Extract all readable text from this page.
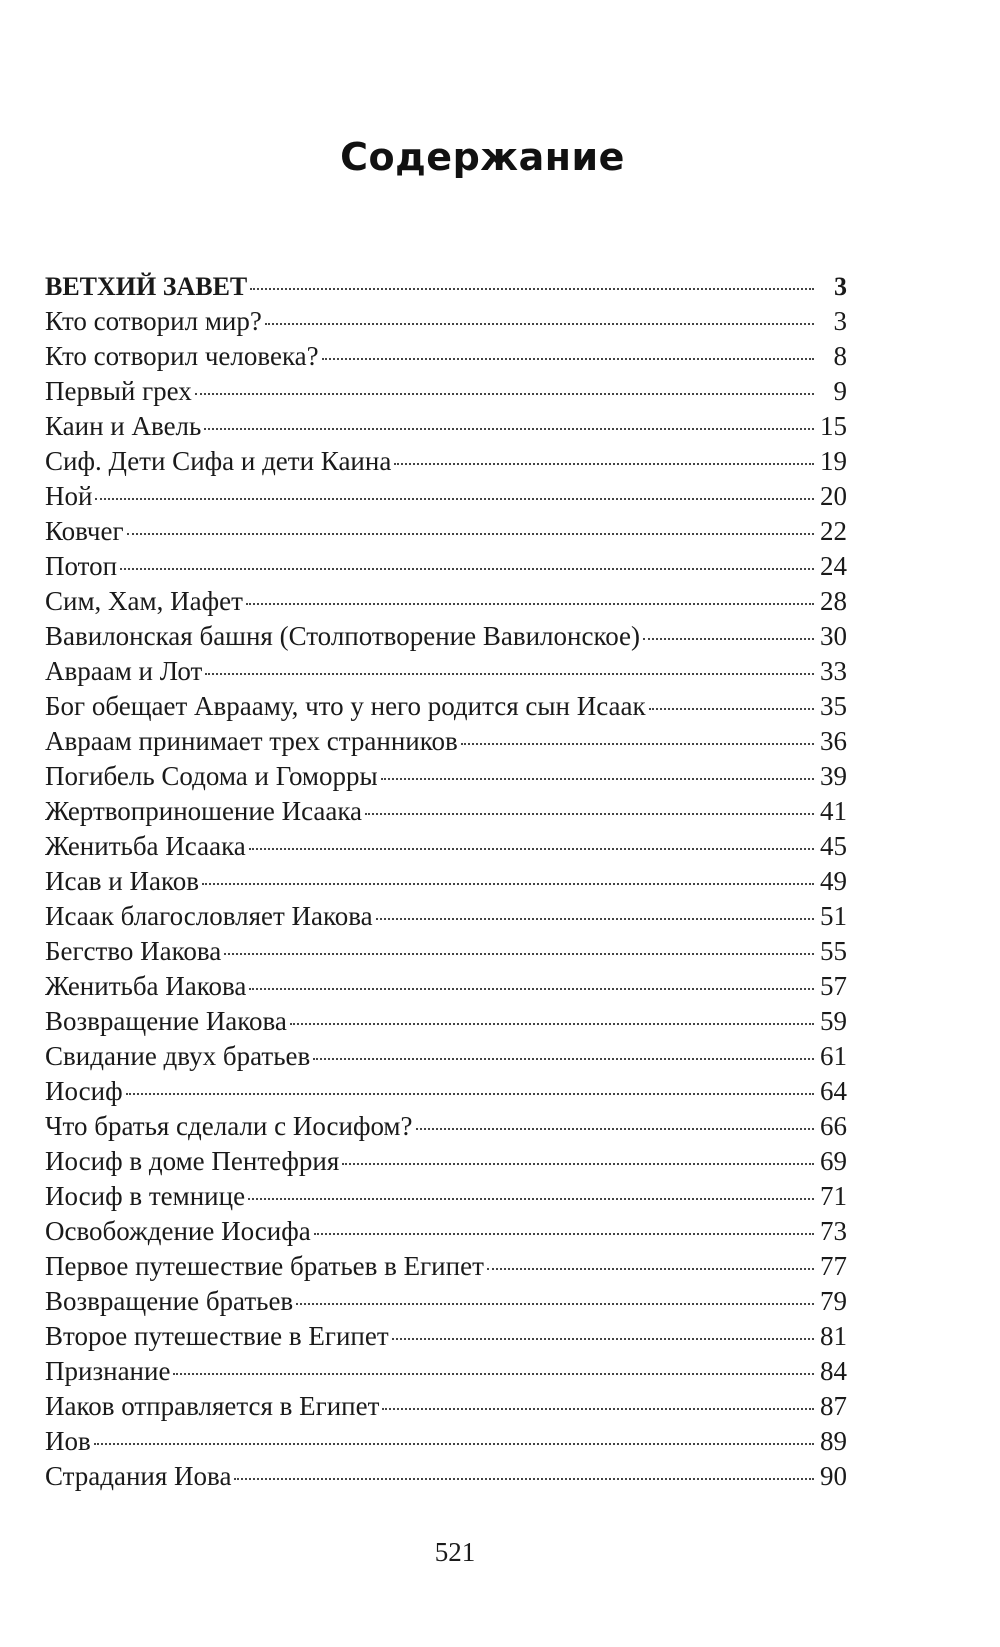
Содержание
ВЕТХИЙ ЗАВЕТ	3
Кто сотворил мир?	3
Кто сотворил человека?	8
Первый грех	9
Каин и Авель	15
Сиф. Дети Сифа и дети Каина	19
Ной	20
Ковчег	22
Потоп	24
Сим, Хам, Иафет	28
Вавилонская башня (Столпотворение Вавилонское)	30
Авраам и Лот	33
Бог обещает Аврааму, что у него родится сын Исаак	35
Авраам принимает трех странников	36
Погибель Содома и Гоморры	39
Жертвоприношение Исаака	41
Женитьба Исаака	45
Исав и Иаков	49
Исаак благословляет Иакова	51
Бегство Иакова	55
Женитьба Иакова	57
Возвращение Иакова	59
Свидание двух братьев	61
Иосиф	64
Что братья сделали с Иосифом?	66
Иосиф в доме Пентефрия	69
Иосиф в темнице	71
Освобождение Иосифа	73
Первое путешествие братьев в Египет	77
Возвращение братьев	79
Второе путешествие в Египет	81
Признание	84
Иаков отправляется в Египет	87
Иов	89
Страдания Иова	90
521
